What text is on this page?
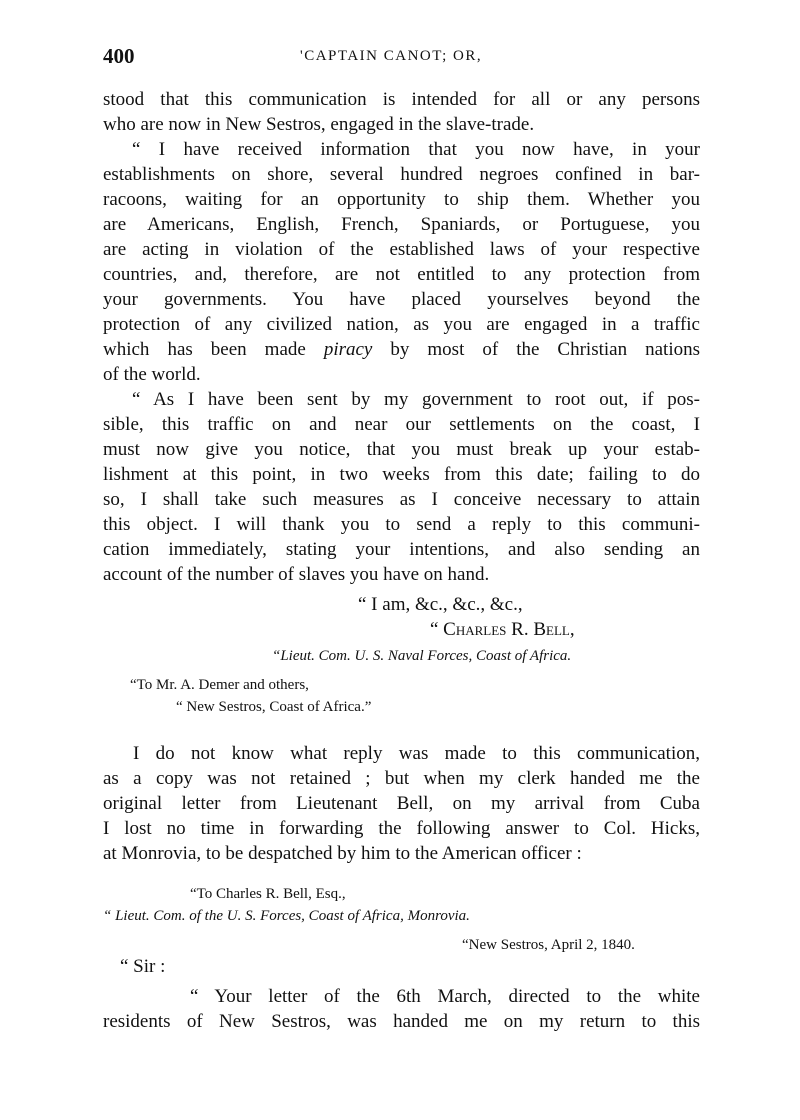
400	'CAPTAIN CANOT; OR,
stood that this communication is intended for all or any persons
who are now in New Sestros, engaged in the slave-trade.
“ I have received information that you now have, in your
establishments on shore, several hundred negroes confined in bar-
racoons, waiting for an opportunity to ship them. Whether you
are Americans, English, French, Spaniards, or Portuguese, you
are acting in violation of the established laws of your respective
countries, and, therefore, are not entitled to any protection from
your governments. You have placed yourselves beyond the
protection of any civilized nation, as you are engaged in a traffic
which has been made piracy by most of the Christian nations
of the world.
“ As I have been sent by my government to root out, if pos-
sible, this traffic on and near our settlements on the coast, I
must now give you notice, that you must break up your estab-
lishment at this point, in two weeks from this date; failing to do
so, I shall take such measures as I conceive necessary to attain
this object. I will thank you to send a reply to this communi-
cation immediately, stating your intentions, and also sending an
account of the number of slaves you have on hand.
“ I am, &c., &c., &c.,
“ Charles R. Bell,
“Lieut. Com. U. S. Naval Forces, Coast of Africa.
“To Mr. A. Demer and others,
“ New Sestros, Coast of Africa.”
I do not know what reply was made to this communication,
as a copy was not retained ; but when my clerk handed me the
original letter from Lieutenant Bell, on my arrival from Cuba
I lost no time in forwarding the following answer to Col. Hicks,
at Monrovia, to be despatched by him to the American officer :
“To Charles R. Bell, Esq.,
“ Lieut. Com. of the U. S. Forces, Coast of Africa, Monrovia.
“New Sestros, April 2, 1840.
“ Sir :
“ Your letter of the 6th March, directed to the white
residents of New Sestros, was handed me on my return to this
